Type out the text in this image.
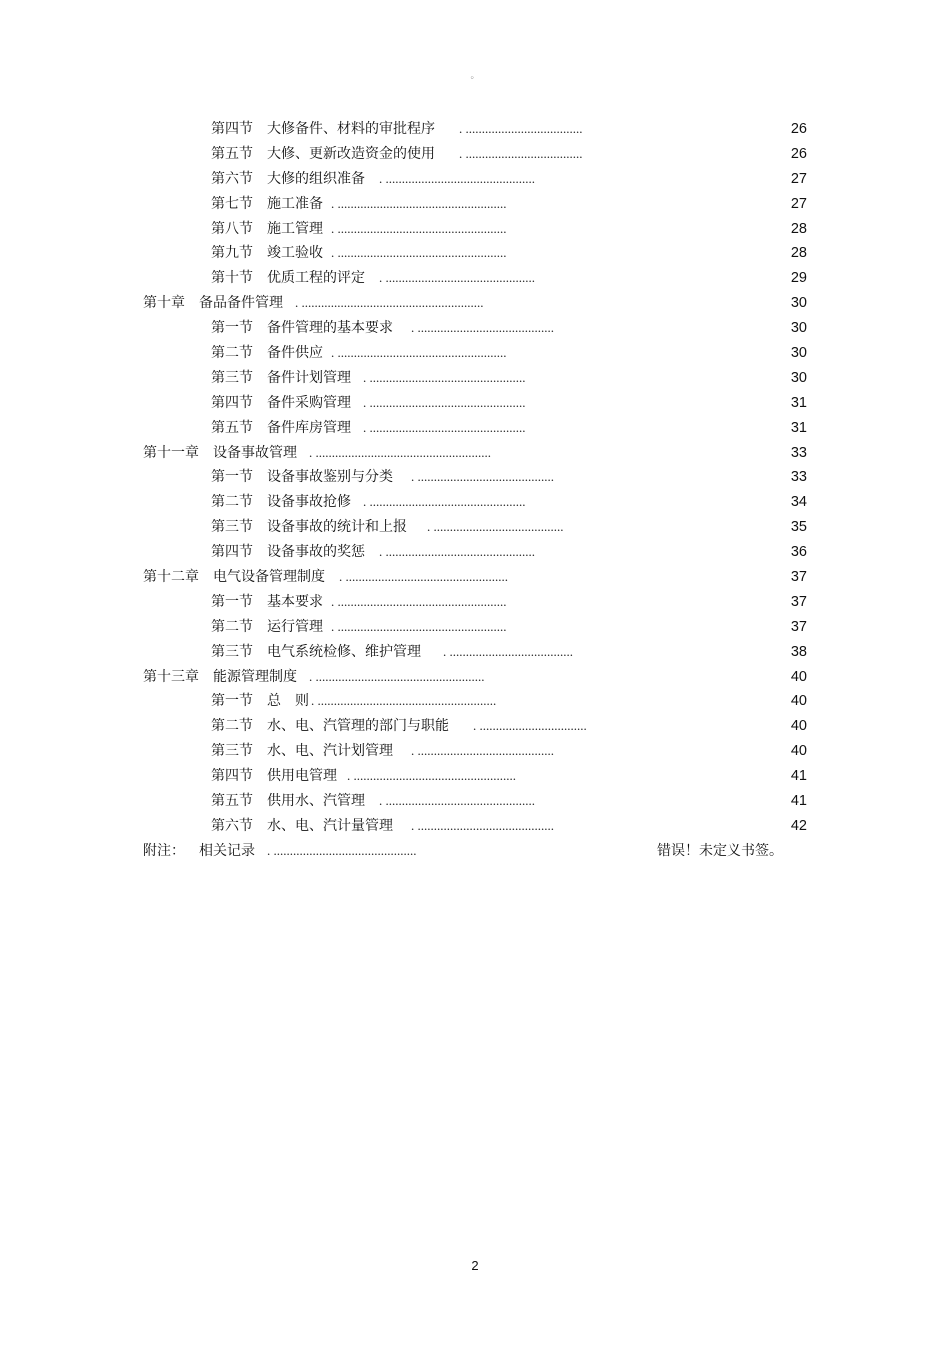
。
第四节 大修备件、材料的审批程序 . ....................................	26
第五节 大修、更新改造资金的使用 . ....................................	26
第六节 大修的组织准备 . ..............................................	27
第七节 施工准备 . ....................................................	27
第八节 施工管理 . ....................................................	28
第九节 竣工验收 . ....................................................	28
第十节 优质工程的评定 . ..............................................	29
第十章 备品备件管理 . ........................................................	30
第一节 备件管理的基本要求 . ..........................................	30
第二节 备件供应 . ....................................................	30
第三节 备件计划管理 . ................................................	30
第四节 备件采购管理 . ................................................	31
第五节 备件库房管理 . ................................................	31
第十一章 设备事故管理 . ......................................................	33
第一节 设备事故鉴别与分类 . ..........................................	33
第二节 设备事故抢修 . ................................................	34
第三节 设备事故的统计和上报 . ........................................	35
第四节 设备事故的奖惩 . ..............................................	36
第十二章 电气设备管理制度 . ..................................................	37
第一节 基本要求 . ....................................................	37
第二节 运行管理 . ....................................................	37
第三节 电气系统检修、维护管理 . ......................................	38
第十三章 能源管理制度 . ....................................................	40
第一节 总　则 . .......................................................	40
第二节 水、电、汽管理的部门与职能 . .................................	40
第三节 水、电、汽计划管理 . ..........................................	40
第四节 供用电管理 . ..................................................	41
第五节 供用水、汽管理 . ..............................................	41
第六节 水、电、汽计量管理 . ..........................................	42
附注： 相关记录 . ............................................	错误！未定义书签。
2
